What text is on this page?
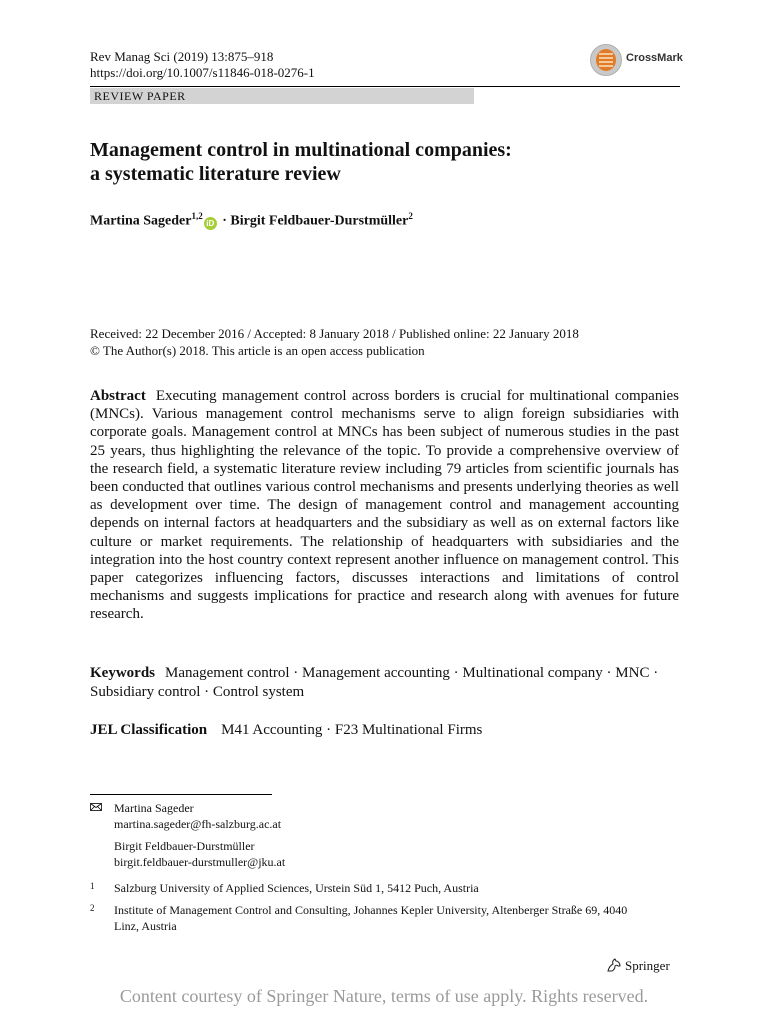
Rev Manag Sci (2019) 13:875–918
https://doi.org/10.1007/s11846-018-0276-1
CrossMark
REVIEW PAPER
Management control in multinational companies:
a systematic literature review
Martina Sageder$^{1,2}$iD · Birgit Feldbauer-Durstmüller$^2$
Received: 22 December 2016 / Accepted: 8 January 2018 / Published online: 22 January 2018
© The Author(s) 2018. This article is an open access publication
Abstract Executing management control across borders is crucial for multinational companies (MNCs). Various management control mechanisms serve to align foreign subsidiaries with corporate goals. Management control at MNCs has been subject of numerous studies in the past 25 years, thus highlighting the relevance of the topic. To provide a comprehensive overview of the research field, a systematic literature review including 79 articles from scientific journals has been conducted that outlines various control mechanisms and presents underlying theories as well as development over time. The design of management control and management accounting depends on internal factors at headquarters and the subsidiary as well as on external factors like culture or market requirements. The relationship of headquarters with subsidiaries and the integration into the host country context represent another influence on management control. This paper categorizes influencing factors, discusses interactions and limitations of control mechanisms and suggests implications for practice and research along with avenues for future research.
Keywords Management control · Management accounting · Multinational company · MNC · Subsidiary control · Control system
JEL Classification M41 Accounting · F23 Multinational Firms
Martina Sageder
martina.sageder@fh-salzburg.ac.at
Birgit Feldbauer-Durstmüller
birgit.feldbauer-durstmuller@jku.at
1 Salzburg University of Applied Sciences, Urstein Süd 1, 5412 Puch, Austria
2 Institute of Management Control and Consulting, Johannes Kepler University, Altenberger Straße 69, 4040 Linz, Austria
Springer
Content courtesy of Springer Nature, terms of use apply. Rights reserved.
